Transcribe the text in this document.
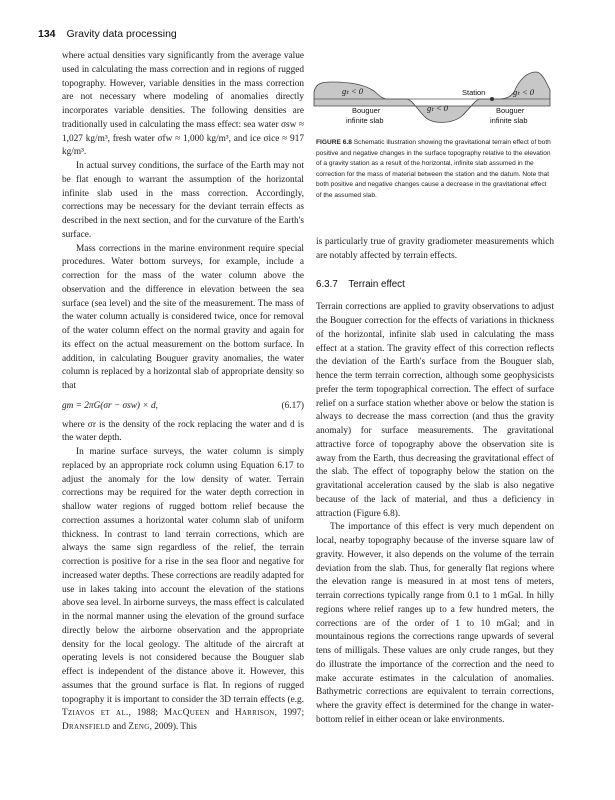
134 Gravity data processing

where actual densities vary significantly from the average value used in calculating the mass correction and in regions of rugged topography. However, variable densities in the mass correction are not necessary where modeling of anomalies directly incorporates variable densities. The following densities are traditionally used in calculating the mass effect: sea water σsw ≈ 1,027 kg/m³, fresh water σfw ≈ 1,000 kg/m³, and ice σice ≈ 917 kg/m³.

In actual survey conditions, the surface of the Earth may not be flat enough to warrant the assumption of the horizontal infinite slab used in the mass correction. Accordingly, corrections may be necessary for the deviant terrain effects as described in the next section, and for the curvature of the Earth's surface.

Mass corrections in the marine environment require special procedures. Water bottom surveys, for example, include a correction for the mass of the water column above the observation and the difference in elevation between the sea surface (sea level) and the site of the measurement. The mass of the water column actually is considered twice, once for removal of the water column effect on the normal gravity and again for its effect on the actual measurement on the bottom surface. In addition, in calculating Bouguer gravity anomalies, the water column is replaced by a horizontal slab of appropriate density so that

gm = 2πG(σr − σsw) × d,	(6.17)

where σr is the density of the rock replacing the water and d is the water depth.

In marine surface surveys, the water column is simply replaced by an appropriate rock column using Equation 6.17 to adjust the anomaly for the low density of water. Terrain corrections may be required for the water depth correction in shallow water regions of rugged bottom relief because the correction assumes a horizontal water column slab of uniform thickness. In contrast to land terrain corrections, which are always the same sign regardless of the relief, the terrain correction is positive for a rise in the sea floor and negative for increased water depths. These corrections are readily adapted for use in lakes taking into account the elevation of the stations above sea level. In airborne surveys, the mass effect is calculated in the normal manner using the elevation of the ground surface directly below the airborne observation and the appropriate density for the local geology. The altitude of the aircraft at operating levels is not considered because the Bouguer slab effect is independent of the distance above it. However, this assumes that the ground surface is flat. In regions of rugged topography it is important to consider the 3D terrain effects (e.g. Tziavos et al., 1988; MacQueen and Harrison, 1997; Dransfield and Zeng, 2009). This

gₜ < 0	Station	gₜ < 0
Bouguer
infinite slab
gₜ < 0	Bouguer
infinite slab
FIGURE 6.8 Schematic illustration showing the gravitational terrain effect of both positive and negative changes in the surface topography relative to the elevation of a gravity station as a result of the horizontal, infinite slab assumed in the correction for the mass of material between the station and the datum. Note that both positive and negative changes cause a decrease in the gravitational effect of the assumed slab.

is particularly true of gravity gradiometer measurements which are notably affected by terrain effects.

6.3.7 Terrain effect

Terrain corrections are applied to gravity observations to adjust the Bouguer correction for the effects of variations in thickness of the horizontal, infinite slab used in calculating the mass effect at a station. The gravity effect of this correction reflects the deviation of the Earth's surface from the Bouguer slab, hence the term terrain correction, although some geophysicists prefer the term topographical correction. The effect of surface relief on a surface station whether above or below the station is always to decrease the mass correction (and thus the gravity anomaly) for surface measurements. The gravitational attractive force of topography above the observation site is away from the Earth, thus decreasing the gravitational effect of the slab. The effect of topography below the station on the gravitational acceleration caused by the slab is also negative because of the lack of material, and thus a deficiency in attraction (Figure 6.8).

The importance of this effect is very much dependent on local, nearby topography because of the inverse square law of gravity. However, it also depends on the volume of the terrain deviation from the slab. Thus, for generally flat regions where the elevation range is measured in at most tens of meters, terrain corrections typically range from 0.1 to 1 mGal. In hilly regions where relief ranges up to a few hundred meters, the corrections are of the order of 1 to 10 mGal; and in mountainous regions the corrections range upwards of several tens of milligals. These values are only crude ranges, but they do illustrate the importance of the correction and the need to make accurate estimates in the calculation of anomalies. Bathymetric corrections are equivalent to terrain corrections, where the gravity effect is determined for the change in water-bottom relief in either ocean or lake environments.
